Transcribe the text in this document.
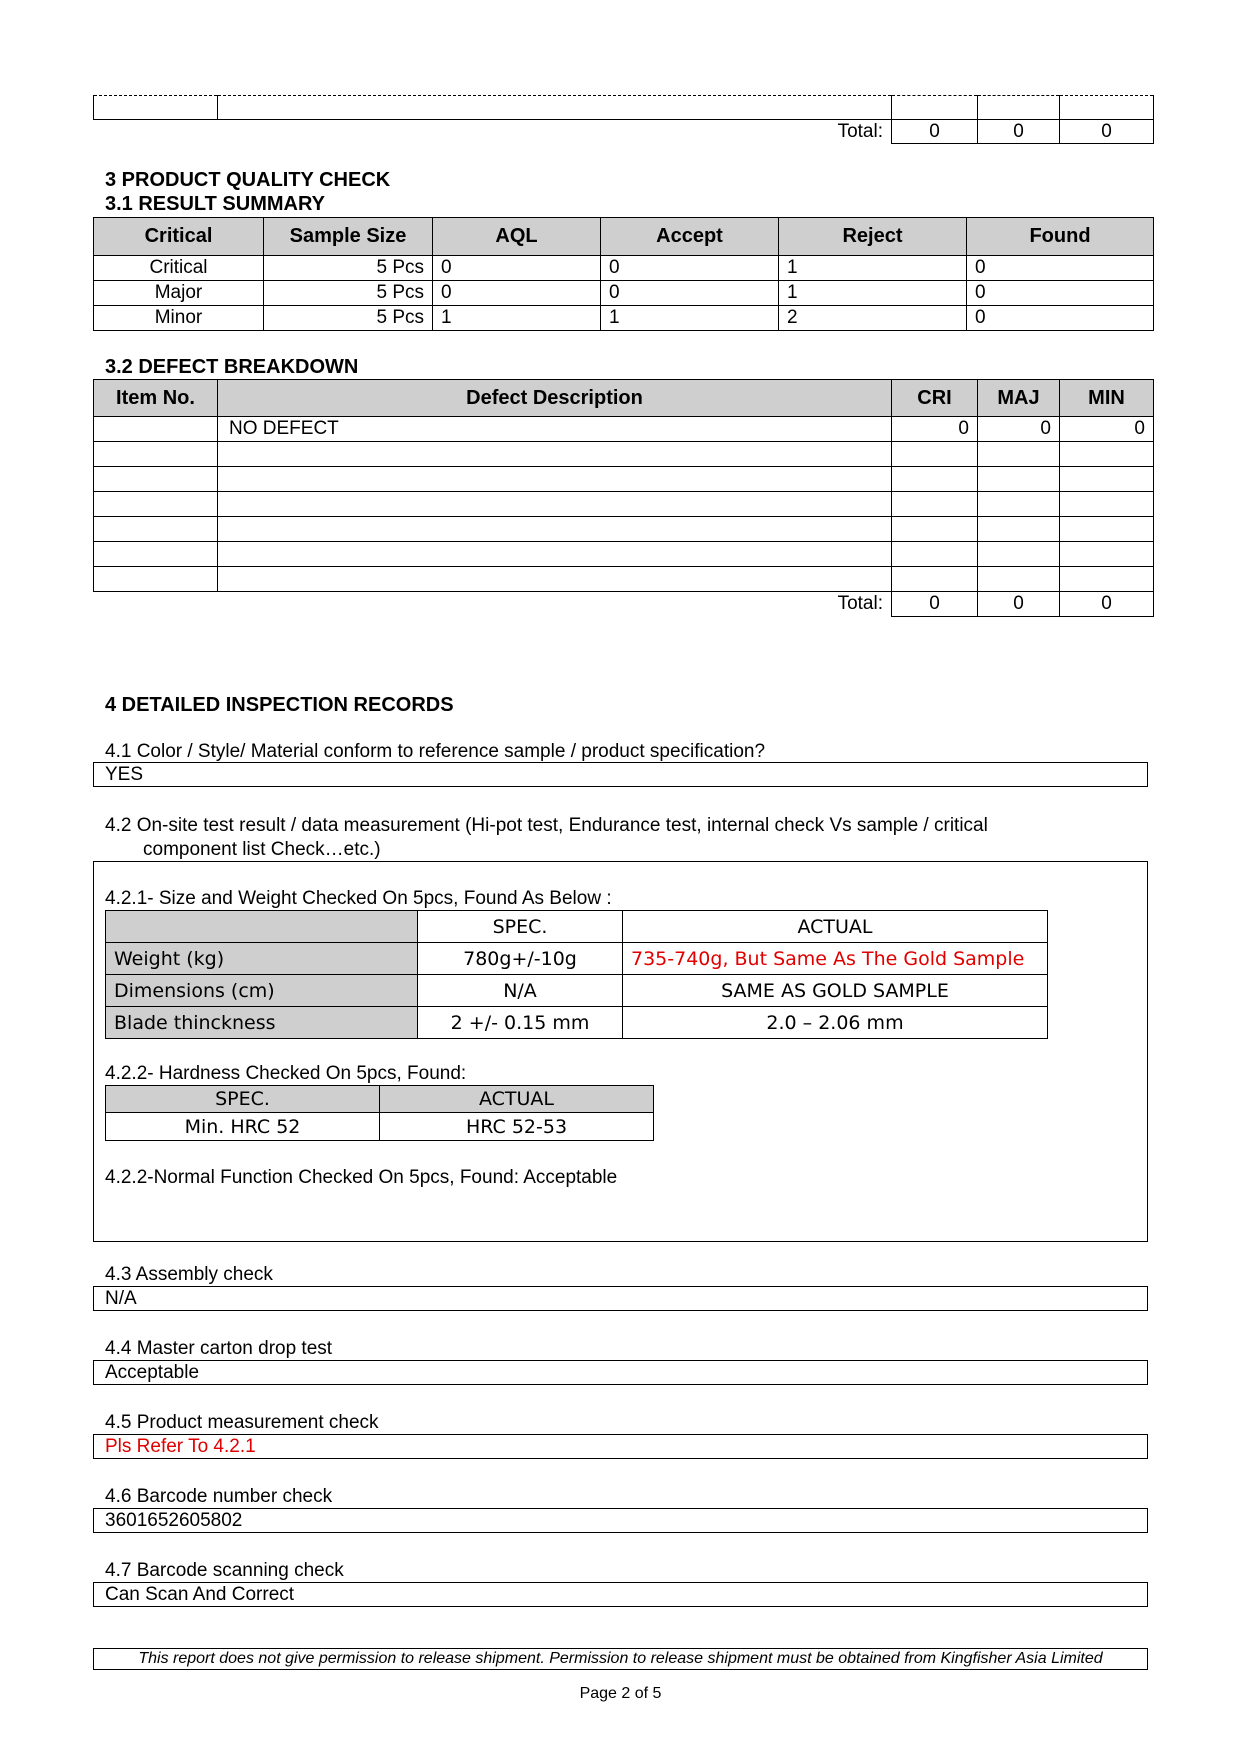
Total:		0	0	0
3 PRODUCT QUALITY CHECK
3.1 RESULT SUMMARY
Critical	Sample Size	AQL	Accept	Reject	Found
Critical	5 Pcs	0	0	1	0
Major	5 Pcs	0	0	1	0
Minor	5 Pcs	1	1	2	0
3.2 DEFECT BREAKDOWN
Item No.	Defect Description	CRI	MAJ	MIN
	NO DEFECT	0	0	0

Total:		0	0	0
4 DETAILED INSPECTION RECORDS
4.1 Color / Style/ Material conform to reference sample / product specification?
YES
4.2 On-site test result / data measurement (Hi-pot test, Endurance test, internal check Vs sample / critical
component list Check…etc.)
4.2.1- Size and Weight Checked On 5pcs, Found As Below :
	SPEC.	ACTUAL
Weight (kg)	780g+/-10g	735-740g, But Same As The Gold Sample
Dimensions (cm)	N/A	SAME AS GOLD SAMPLE
Blade thinckness	2 +/- 0.15 mm	2.0 – 2.06 mm
4.2.2- Hardness Checked On 5pcs, Found:
SPEC.	ACTUAL
Min. HRC 52	HRC 52-53
4.2.2-Normal Function Checked On 5pcs, Found: Acceptable
4.3 Assembly check
N/A
4.4 Master carton drop test
Acceptable
4.5 Product measurement check
Pls Refer To 4.2.1
4.6 Barcode number check
3601652605802
4.7 Barcode scanning check
Can Scan And Correct
This report does not give permission to release shipment. Permission to release shipment must be obtained from Kingfisher Asia Limited
Page 2 of 5
